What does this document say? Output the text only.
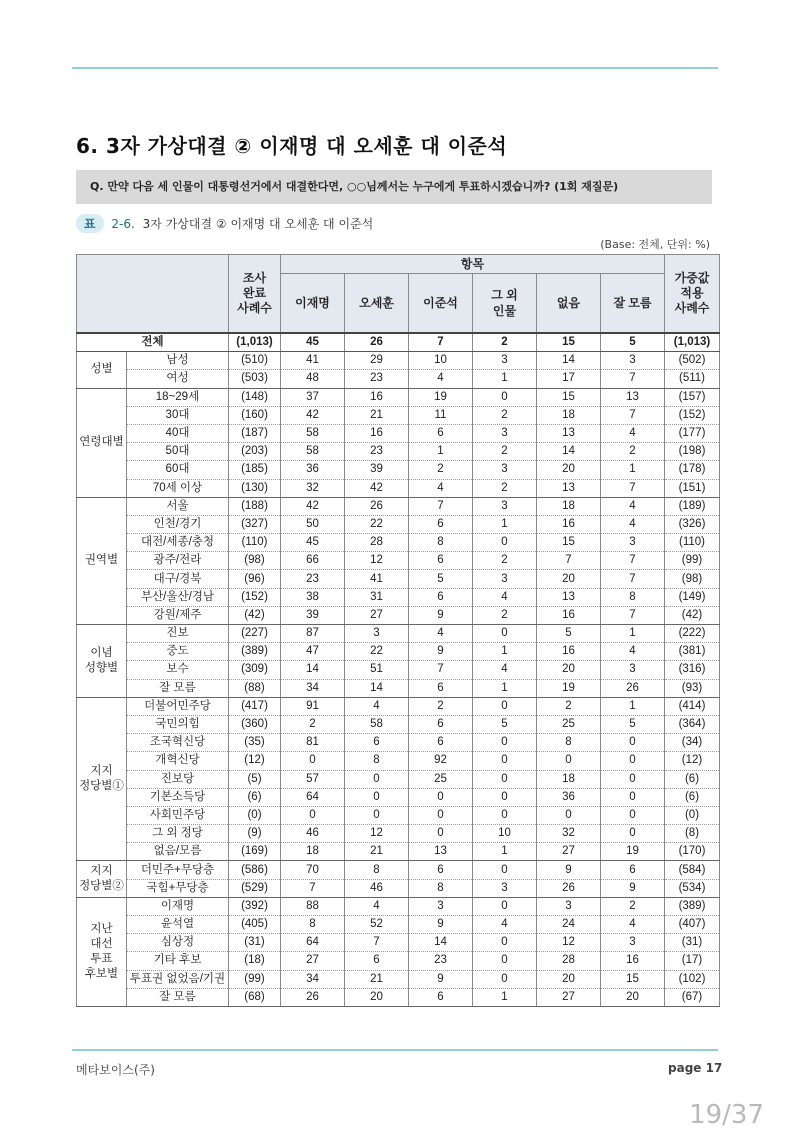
6. 3자 가상대결 ② 이재명 대 오세훈 대 이준석
Q. 만약 다음 세 인물이 대통령선거에서 대결한다면, ○○님께서는 누구에게 투표하시겠습니까? (1회 재질문)
표 2-6. 3자 가상대결 ② 이재명 대 오세훈 대 이준석
(Base: 전체, 단위: %)
		조사
완료
사례수	항목						가중값
적용
사례수
			이재명	오세훈	이준석	그 외
인물	없음	잘 모름	
전체		(1,013)	45	26	7	2	15	5	(1,013)
성별	남성	(510)	41	29	10	3	14	3	(502)
	여성	(503)	48	23	4	1	17	7	(511)
연령대별	18~29세	(148)	37	16	19	0	15	13	(157)
	30대	(160)	42	21	11	2	18	7	(152)
	40대	(187)	58	16	6	3	13	4	(177)
	50대	(203)	58	23	1	2	14	2	(198)
	60대	(185)	36	39	2	3	20	1	(178)
	70세 이상	(130)	32	42	4	2	13	7	(151)
권역별	서울	(188)	42	26	7	3	18	4	(189)
	인천/경기	(327)	50	22	6	1	16	4	(326)
	대전/세종/충청	(110)	45	28	8	0	15	3	(110)
	광주/전라	(98)	66	12	6	2	7	7	(99)
	대구/경북	(96)	23	41	5	3	20	7	(98)
	부산/울산/경남	(152)	38	31	6	4	13	8	(149)
	강원/제주	(42)	39	27	9	2	16	7	(42)
이념
성향별	진보	(227)	87	3	4	0	5	1	(222)
	중도	(389)	47	22	9	1	16	4	(381)
	보수	(309)	14	51	7	4	20	3	(316)
	잘 모름	(88)	34	14	6	1	19	26	(93)
지지
정당별①	더불어민주당	(417)	91	4	2	0	2	1	(414)
	국민의힘	(360)	2	58	6	5	25	5	(364)
	조국혁신당	(35)	81	6	6	0	8	0	(34)
	개혁신당	(12)	0	8	92	0	0	0	(12)
	진보당	(5)	57	0	25	0	18	0	(6)
	기본소득당	(6)	64	0	0	0	36	0	(6)
	사회민주당	(0)	0	0	0	0	0	0	(0)
	그 외 정당	(9)	46	12	0	10	32	0	(8)
	없음/모름	(169)	18	21	13	1	27	19	(170)
지지
정당별②	더민주+무당층	(586)	70	8	6	0	9	6	(584)
	국힘+무당층	(529)	7	46	8	3	26	9	(534)
지난
대선
투표
후보별	이재명	(392)	88	4	3	0	3	2	(389)
	윤석열	(405)	8	52	9	4	24	4	(407)
	심상정	(31)	64	7	14	0	12	3	(31)
	기타 후보	(18)	27	6	23	0	28	16	(17)
	투표권 없었음/기권	(99)	34	21	9	0	20	15	(102)
	잘 모름	(68)	26	20	6	1	27	20	(67)
메타보이스(주)	page 17
19/37
